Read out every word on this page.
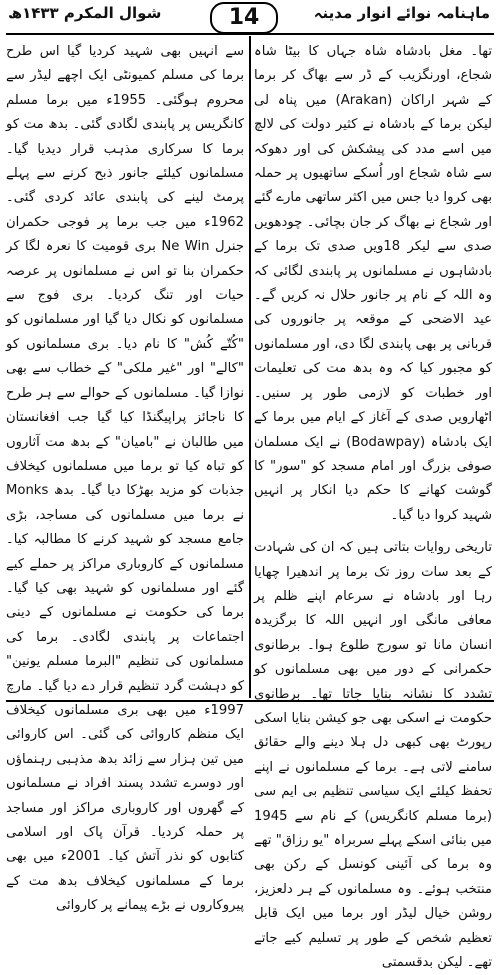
شوال المکرم ۱۴۳۳ھ	14	ماہنامہ نوائے انوار مدینہ

تھا۔ مغل بادشاہ شاہ جہاں کا بیٹا شاہ شجاع، اورنگزیب کے ڈر سے بھاگ کر برما کے شہر اراکان (Arakan) میں پناہ لی لیکن برما کے بادشاہ نے کثیر دولت کی لالچ میں اسے مدد کی پیشکش کی اور دھوکہ سے شاہ شجاع اور اُسکے ساتھیوں پر حملہ بھی کروا دیا جس میں اکثر ساتھی مارے گئے اور شجاع نے بھاگ کر جان بچائی۔ چودھویں صدی سے لیکر 18ویں صدی تک برما کے بادشاہوں نے مسلمانوں پر پابندی لگائی کہ وہ اللہ کے نام پر جانور حلال نہ کریں گے۔ عید الاضحی کے موقعہ پر جانوروں کی قربانی پر بھی پابندی لگا دی، اور مسلمانوں کو مجبور کیا کہ وہ بدھ مت کی تعلیمات اور خطبات کو لازمی طور پر سنیں۔ اٹھارویں صدی کے آغاز کے ایام میں برما کے ایک بادشاہ (Bodawpay) نے ایک مسلمان صوفی بزرگ اور امام مسجد کو "سور" کا گوشت کھانے کا حکم دیا انکار پر انہیں شہید کروا دیا گیا۔

تاریخی روایات بتاتی ہیں کہ ان کی شہادت کے بعد سات روز تک برما پر اندھیرا چھایا رہا اور بادشاہ نے سرعام اپنے ظلم پر معافی مانگی اور انہیں اللہ کا برگزیدہ انسان مانا تو سورج طلوع ہوا۔ برطانوی حکمرانی کے دور میں بھی مسلمانوں کو تشدد کا نشانہ بنایا جاتا تھا۔ برطانوی حکومت نے اسکی بھی جو کیشن بنایا اسکی رپورٹ بھی کبھی دل ہلا دینے والے حقائق سامنے لاتی ہے۔ برما کے مسلمانوں نے اپنے تحفظ کیلئے ایک سیاسی تنظیم بی ایم سی (برما مسلم کانگریس) کے نام سے 1945 میں بنائی اسکے پہلے سربراہ "یو رزاق" تھے وہ برما کی آئینی کونسل کے رکن بھی منتخب ہوئے۔ وہ مسلمانوں کے ہر دلعزیز، روشن خیال لیڈر اور برما میں ایک قابل تعظیم شخص کے طور پر تسلیم کیے جاتے تھے۔ لیکن بدقسمتی

سے انہیں بھی شہید کردیا گیا اس طرح برما کی مسلم کمیونٹی ایک اچھے لیڈر سے محروم ہوگئی۔ 1955ء میں برما مسلم کانگریس پر پابندی لگادی گئی۔ بدھ مت کو برما کا سرکاری مذہب قرار دیدیا گیا۔ مسلمانوں کیلئے جانور ذبح کرنے سے پہلے پرمٹ لینے کی پابندی عائد کردی گئی۔ 1962ء میں جب برما پر فوجی حکمران جنرل Ne Win بری قومیت کا نعرہ لگا کر حکمران بنا تو اس نے مسلمانوں پر عرصہ حیات اور تنگ کردیا۔ بری فوج سے مسلمانوں کو نکال دیا گیا اور مسلمانوں کو "کُتّے کُش" کا نام دیا۔ بری مسلمانوں کو "کالے" اور "غیر ملکی" کے خطاب سے بھی نوازا گیا۔ مسلمانوں کے حوالے سے ہر طرح کا ناجائز پراپیگنڈا کیا گیا جب افغانستان میں طالبان نے "بامیان" کے بدھ مت آثاروں کو تباہ کیا تو برما میں مسلمانوں کیخلاف جذبات کو مزید بھڑکا دیا گیا۔ بدھ Monks نے برما میں مسلمانوں کی مساجد، بڑی جامع مسجد کو شہید کرنے کا مطالبہ کیا۔ مسلمانوں کے کاروباری مراکز پر حملے کیے گئے اور مسلمانوں کو شہید بھی کیا گیا۔ برما کی حکومت نے مسلمانوں کے دینی اجتماعات پر پابندی لگادی۔ برما کی مسلمانوں کی تنظیم "البرما مسلم یونین" کو دہشت گرد تنظیم قرار دے دیا گیا۔ مارچ 1997ء میں بھی بری مسلمانوں کیخلاف ایک منظم کاروائی کی گئی۔ اس کاروائی میں تین ہزار سے زائد بدھ مذہبی رہنماؤں اور دوسرے تشدد پسند افراد نے مسلمانوں کے گھروں اور کاروباری مراکز اور مساجد پر حملہ کردیا۔ قرآن پاک اور اسلامی کتابوں کو نذر آتش کیا۔ 2001ء میں بھی برما کے مسلمانوں کیخلاف بدھ مت کے پیروکاروں نے بڑے پیمانے پر کاروائی
